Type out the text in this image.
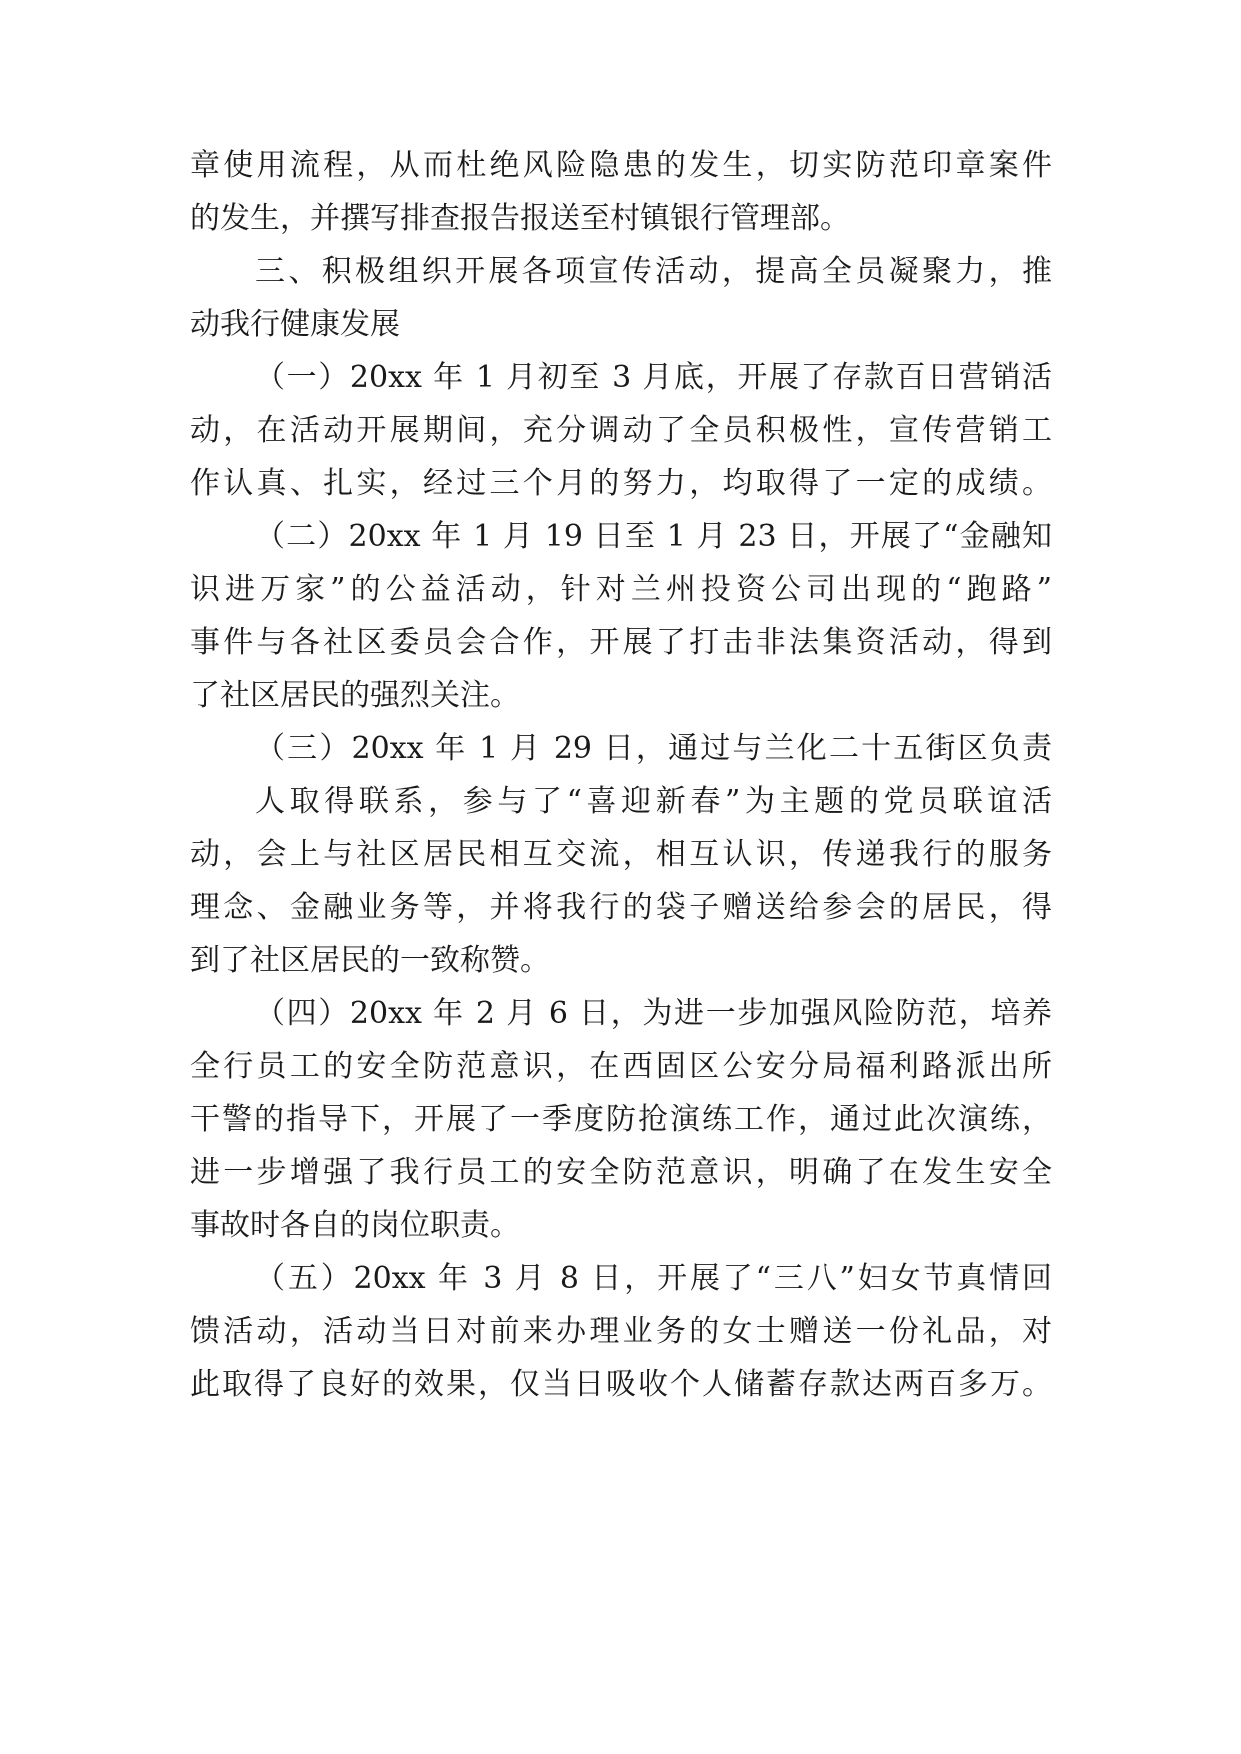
章使用流程，从而杜绝风险隐患的发生，切实防范印章案件
的发生，并撰写排查报告报送至村镇银行管理部。
三、积极组织开展各项宣传活动，提高全员凝聚力，推
动我行健康发展
（一）20xx 年 1 月初至 3 月底，开展了存款百日营销活
动，在活动开展期间，充分调动了全员积极性，宣传营销工
作认真、扎实，经过三个月的努力，均取得了一定的成绩。
（二）20xx 年 1 月 19 日至 1 月 23 日，开展了“金融知
识进万家”的公益活动，针对兰州投资公司出现的“跑路”
事件与各社区委员会合作，开展了打击非法集资活动，得到
了社区居民的强烈关注。
（三）20xx 年 1 月 29 日，通过与兰化二十五街区负责
人取得联系，参与了“喜迎新春”为主题的党员联谊活
动，会上与社区居民相互交流，相互认识，传递我行的服务
理念、金融业务等，并将我行的袋子赠送给参会的居民，得
到了社区居民的一致称赞。
（四）20xx 年 2 月 6 日，为进一步加强风险防范，培养
全行员工的安全防范意识，在西固区公安分局福利路派出所
干警的指导下，开展了一季度防抢演练工作，通过此次演练，
进一步增强了我行员工的安全防范意识，明确了在发生安全
事故时各自的岗位职责。
（五）20xx 年 3 月 8 日，开展了“三八”妇女节真情回
馈活动，活动当日对前来办理业务的女士赠送一份礼品，对
此取得了良好的效果，仅当日吸收个人储蓄存款达两百多万。
